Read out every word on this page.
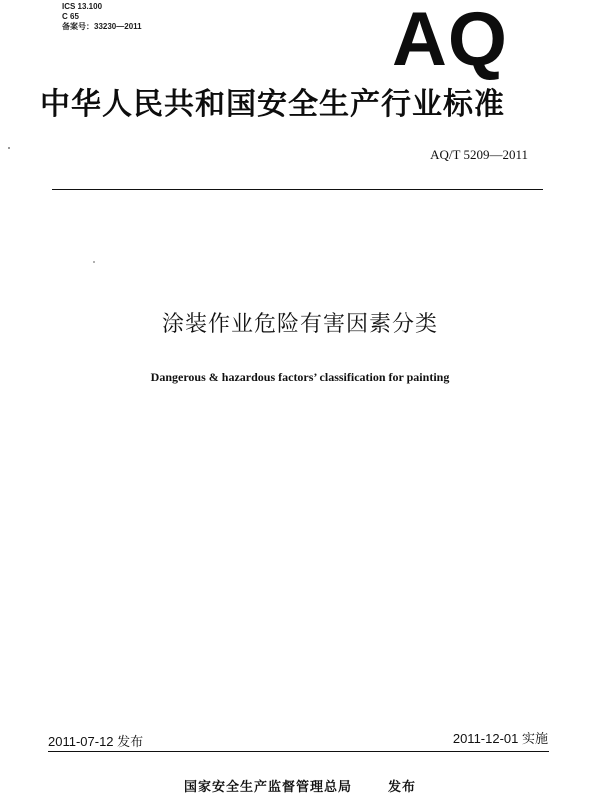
ICS 13.100
C 65
备案号：33230—2011	AQ
中华人民共和国安全生产行业标准
AQ/T 5209—2011
涂装作业危险有害因素分类
Dangerous & hazardous factors’ classification for painting
2011-07-12 发布	2011-12-01 实施
国家安全生产监督管理总局	发布
